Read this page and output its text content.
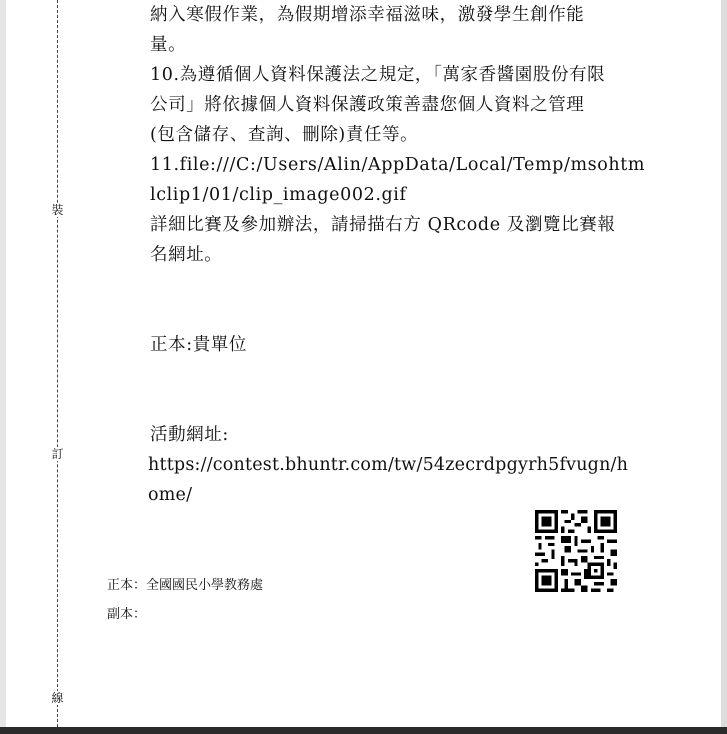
裝
訂
線
納入寒假作業，為假期增添幸福滋味，激發學生創作能
量。
10.為遵循個人資料保護法之規定，「萬家香醬園股份有限
公司」將依據個人資料保護政策善盡您個人資料之管理
(包含儲存、查詢、刪除)責任等。
11.file:///C:/Users/Alin/AppData/Local/Temp/msohtm
lclip1/01/clip_image002.gif
詳細比賽及參加辦法，請掃描右方 QRcode 及瀏覽比賽報
名網址。
正本:貴單位
活動網址:
https://contest.bhuntr.com/tw/54zecrdpgyrh5fvugn/h
ome/
正本：全國國民小學教務處
副本：
